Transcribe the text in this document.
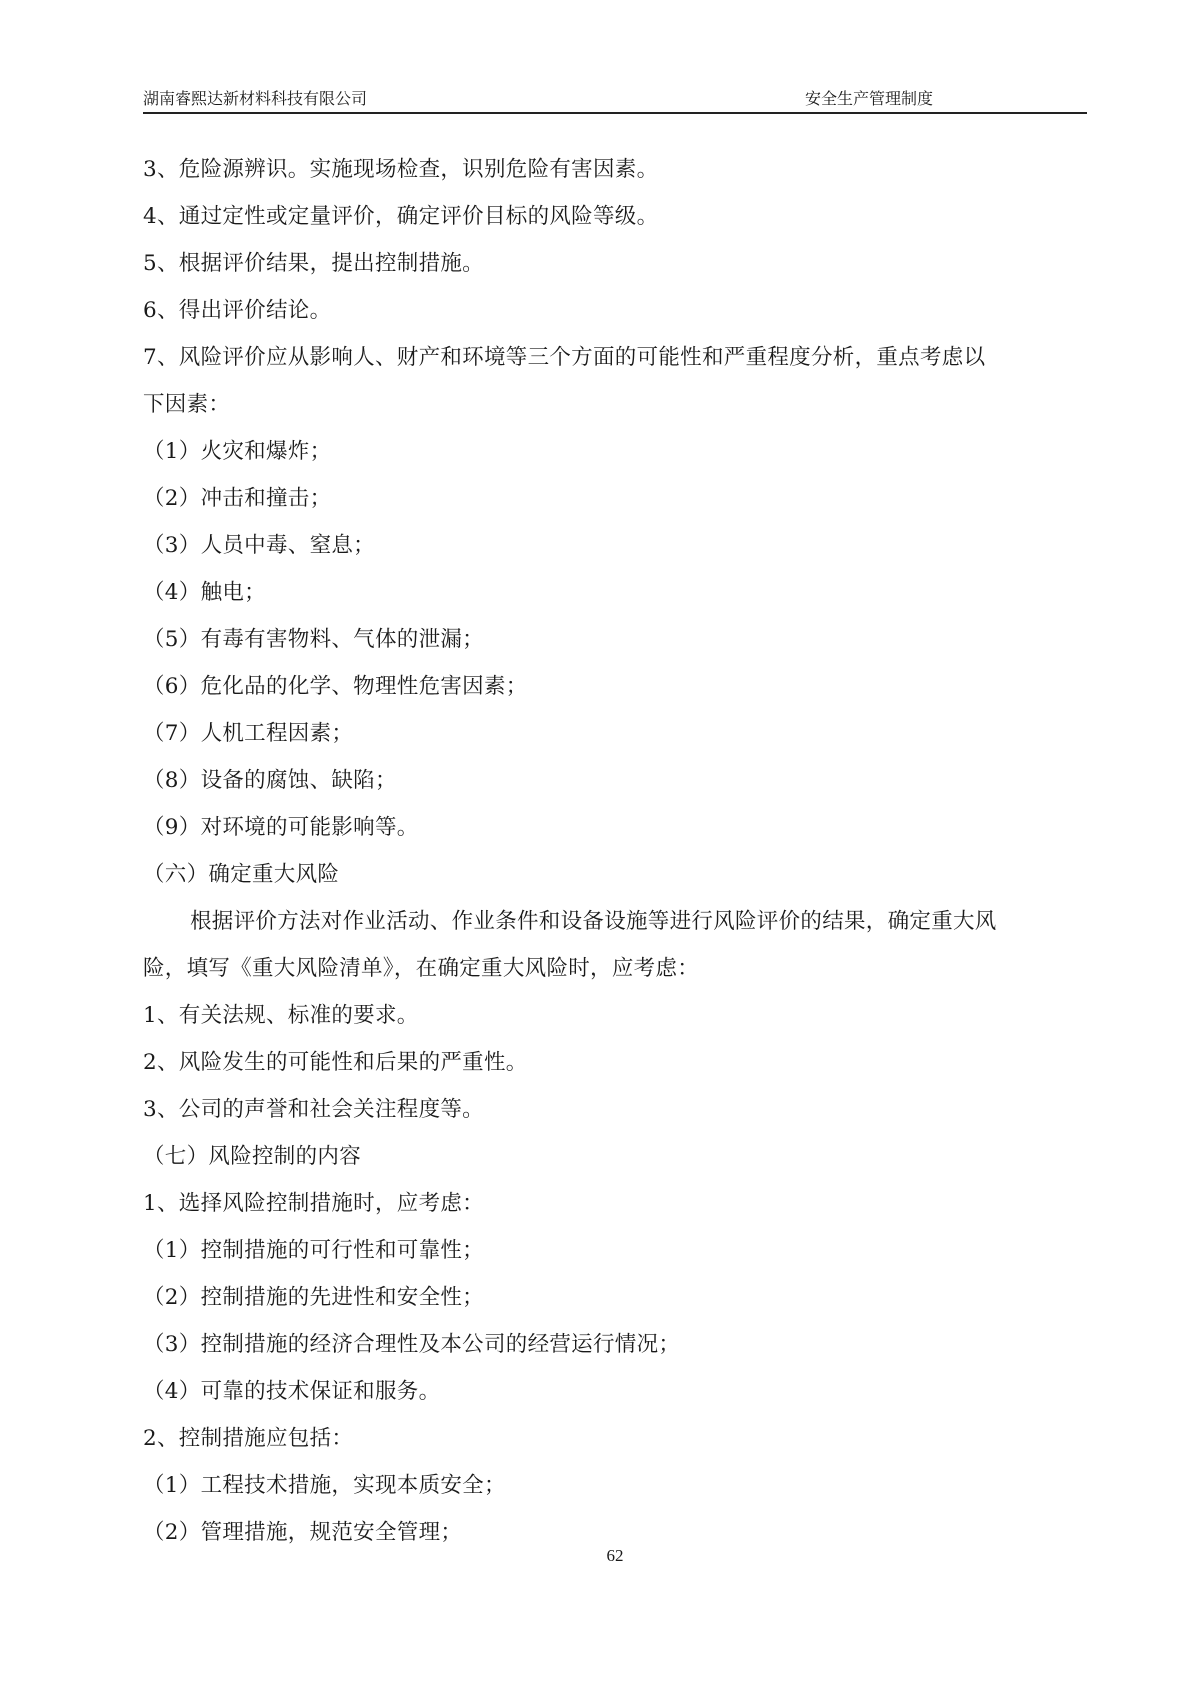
湖南睿熙达新材料科技有限公司	安全生产管理制度
3、危险源辨识。实施现场检查，识别危险有害因素。
4、通过定性或定量评价，确定评价目标的风险等级。
5、根据评价结果，提出控制措施。
6、得出评价结论。
7、风险评价应从影响人、财产和环境等三个方面的可能性和严重程度分析，重点考虑以
下因素：
（1）火灾和爆炸；
（2）冲击和撞击；
（3）人员中毒、窒息；
（4）触电；
（5）有毒有害物料、气体的泄漏；
（6）危化品的化学、物理性危害因素；
（7）人机工程因素；
（8）设备的腐蚀、缺陷；
（9）对环境的可能影响等。
（六）确定重大风险
根据评价方法对作业活动、作业条件和设备设施等进行风险评价的结果，确定重大风
险，填写《重大风险清单》，在确定重大风险时，应考虑：
1、有关法规、标准的要求。
2、风险发生的可能性和后果的严重性。
3、公司的声誉和社会关注程度等。
（七）风险控制的内容
1、选择风险控制措施时，应考虑：
（1）控制措施的可行性和可靠性；
（2）控制措施的先进性和安全性；
（3）控制措施的经济合理性及本公司的经营运行情况；
（4）可靠的技术保证和服务。
2、控制措施应包括：
（1）工程技术措施，实现本质安全；
（2）管理措施，规范安全管理；
62
